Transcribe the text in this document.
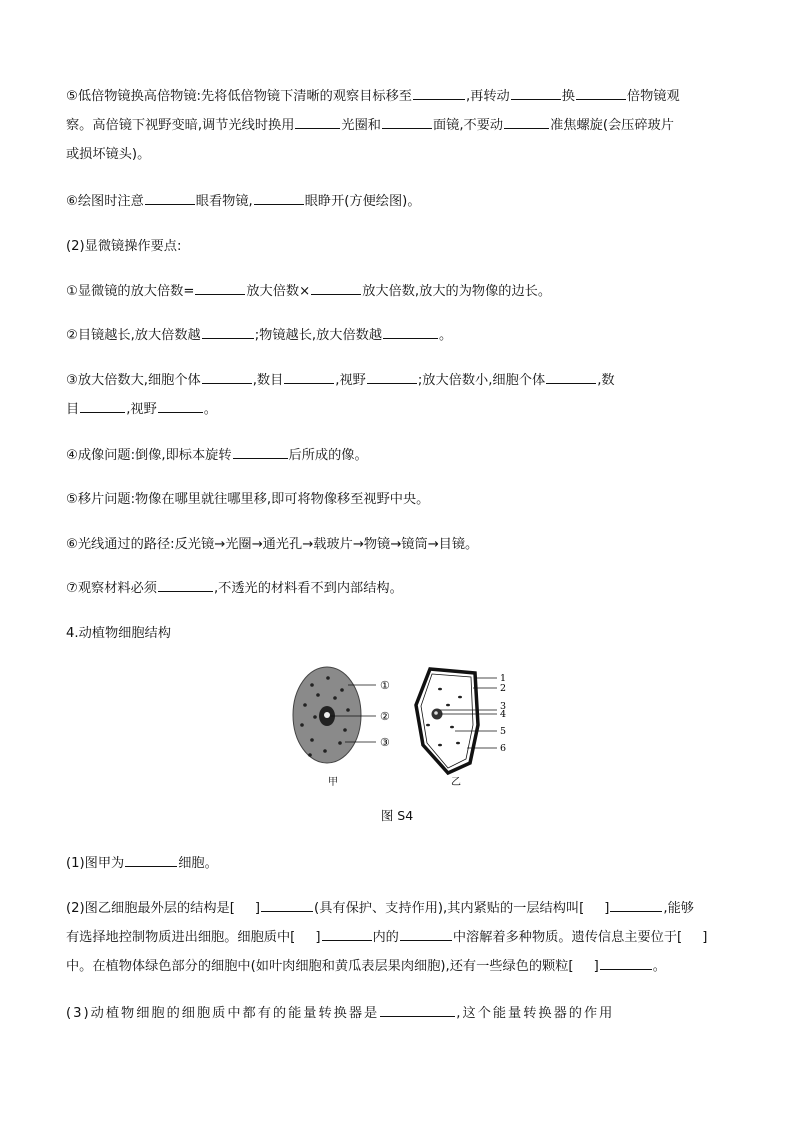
⑤低倍物镜换高倍物镜:先将低倍物镜下清晰的观察目标移至	,再转动	换	倍物镜观
察。高倍镜下视野变暗,调节光线时换用	光圈和	面镜,不要动	准焦螺旋(会压碎玻片
或损坏镜头)。

⑥绘图时注意	眼看物镜,	眼睁开(方便绘图)。

(2)显微镜操作要点:

①显微镜的放大倍数=	放大倍数×	放大倍数,放大的为物像的边长。

②目镜越长,放大倍数越	;物镜越长,放大倍数越	。

③放大倍数大,细胞个体	,数目	,视野	;放大倍数小,细胞个体	,数
目	,视野	。

④成像问题:倒像,即标本旋转	后所成的像。

⑤移片问题:物像在哪里就往哪里移,即可将物像移至视野中央。

⑥光线通过的路径:反光镜→光圈→通光孔→载玻片→物镜→镜筒→目镜。

⑦观察材料必须	,不透光的材料看不到内部结构。

4.动植物细胞结构

①
②
③
甲
1
2
3
4
5
6
乙
图 S4

(1)图甲为	细胞。

(2)图乙细胞最外层的结构是[ ]	(具有保护、支持作用),其内紧贴的一层结构叫[ ]	,能够
有选择地控制物质进出细胞。细胞质中[ ]	内的	中溶解着多种物质。遗传信息主要位于[ ]
中。在植物体绿色部分的细胞中(如叶肉细胞和黄瓜表层果肉细胞),还有一些绿色的颗粒[ ]	。

(3)动植物细胞的细胞质中都有的能量转换器是	,这个能量转换器的作用
